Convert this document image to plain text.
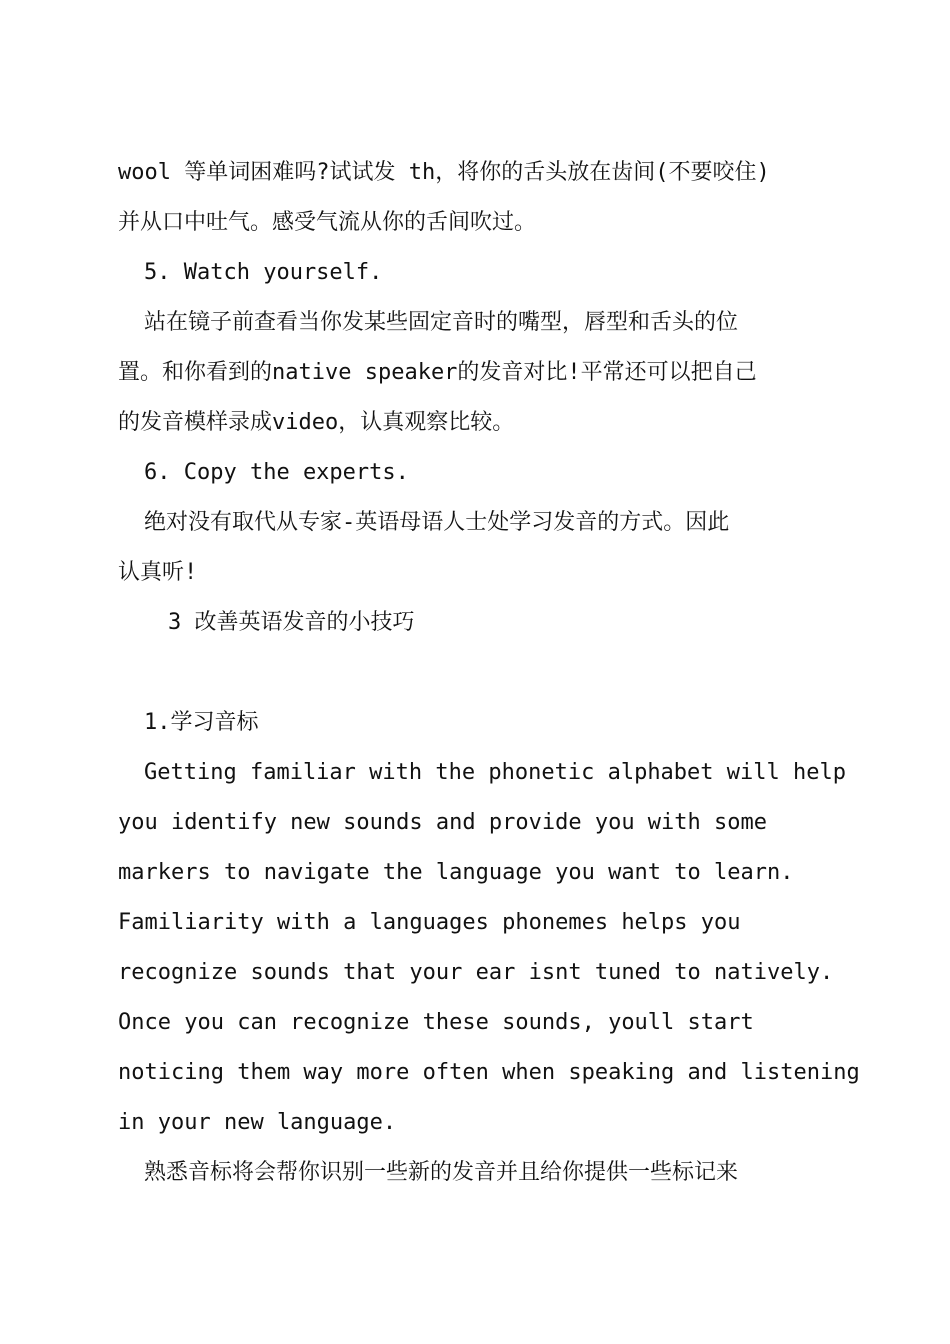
wool 等单词困难吗?试试发 th，将你的舌头放在齿间(不要咬住)
并从口中吐气。感受气流从你的舌间吹过。
5. Watch yourself.
站在镜子前查看当你发某些固定音时的嘴型，唇型和舌头的位
置。和你看到的native speaker的发音对比!平常还可以把自己
的发音模样录成video，认真观察比较。
6. Copy the experts.
绝对没有取代从专家-英语母语人士处学习发音的方式。因此
认真听!
3 改善英语发音的小技巧
1.学习音标
Getting familiar with the phonetic alphabet will help
you identify new sounds and provide you with some
markers to navigate the language you want to learn.
Familiarity with a languages phonemes helps you
recognize sounds that your ear isnt tuned to natively.
Once you can recognize these sounds, youll start
noticing them way more often when speaking and listening
in your new language.
熟悉音标将会帮你识别一些新的发音并且给你提供一些标记来
